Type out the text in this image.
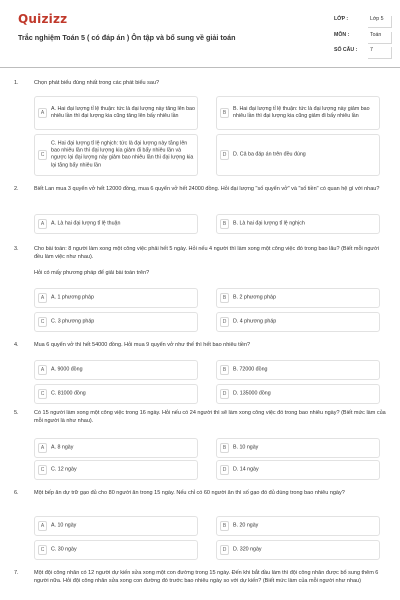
Quizizz
Trắc nghiệm Toán 5 ( có đáp án ) Ôn tập và bổ sung về giải toán
LỚP :	Lớp 5
MÔN :	Toán
SỐ CÂU :	7
1.	Chọn phát biểu đúng nhất trong các phát biểu sau?
A
A. Hai đại lượng tỉ lệ thuận: tức là đại lượng này tăng lên bao nhiêu lần thì đại lượng kia cũng tăng lên bấy nhiêu lần	B
B. Hai đại lượng tỉ lệ thuận: tức là đại lượng này giảm bao nhiêu lần thì đại lượng kia cũng giảm đi bấy nhiêu lần
C
C. Hai đại lượng tỉ lệ nghịch: tức là đại lượng này tăng lên bao nhiêu lần thì đại lượng kia giảm đi bấy nhiêu lần và ngược lại đại lượng này giảm bao nhiêu lần thì đại lượng kia lại tăng bấy nhiêu lần
D	D. Cả ba đáp án trên đều đúng
2.	Biết Lan mua 3 quyển vở hết 12000 đồng, mua 6 quyển vở hết 24000 đồng. Hỏi đại lượng "số quyển vở" và "số tiền" có quan hệ gì với nhau?
A	A. Là hai đại lượng tỉ lệ thuận	B	B. Là hai đại lượng tỉ lệ nghịch
3.	Cho bài toán: 8 người làm xong một công việc phải hết 5 ngày. Hỏi nếu 4 người thì làm xong một công việc đó trong bao lâu? (Biết mỗi người đều làm việc như nhau).
Hỏi có mấy phương pháp để giải bài toán trên?
A	A. 1 phương pháp	B	B. 2 phương pháp
C	C. 3 phương pháp	D	D. 4 phương pháp
4.	Mua 6 quyển vở thì hết 54000 đồng. Hỏi mua 9 quyển vở như thế thì hết bao nhiêu tiền?
A	A. 9000 đồng	B	B. 72000 đồng
C	C. 81000 đồng	D	D. 135000 đồng
5.	Có 15 người làm xong một công việc trong 16 ngày. Hỏi nếu có 24 người thì sẽ làm xong công việc đó trong bao nhiêu ngày? (Biết mức làm của mỗi người là như nhau).
A	A. 8 ngày	B	B. 10 ngày
C	C. 12 ngày	D	D. 14 ngày
6.	Một bếp ăn dự trữ gạo đủ cho 80 người ăn trong 15 ngày. Nếu chỉ có 60 người ăn thì số gạo đó đủ dùng trong bao nhiêu ngày?
A	A. 10 ngày	B	B. 20 ngày
C	C. 30 ngày	D	D. 320 ngày
7.	Một đội công nhân có 12 người dự kiến sửa xong một con đường trong 15 ngày. Đến khi bắt đầu làm thì đội công nhân được bổ sung thêm 6 người nữa. Hỏi đội công nhân sửa xong con đường đó trước bao nhiêu ngày so với dự kiến? (Biết mức làm của mỗi người như nhau)
